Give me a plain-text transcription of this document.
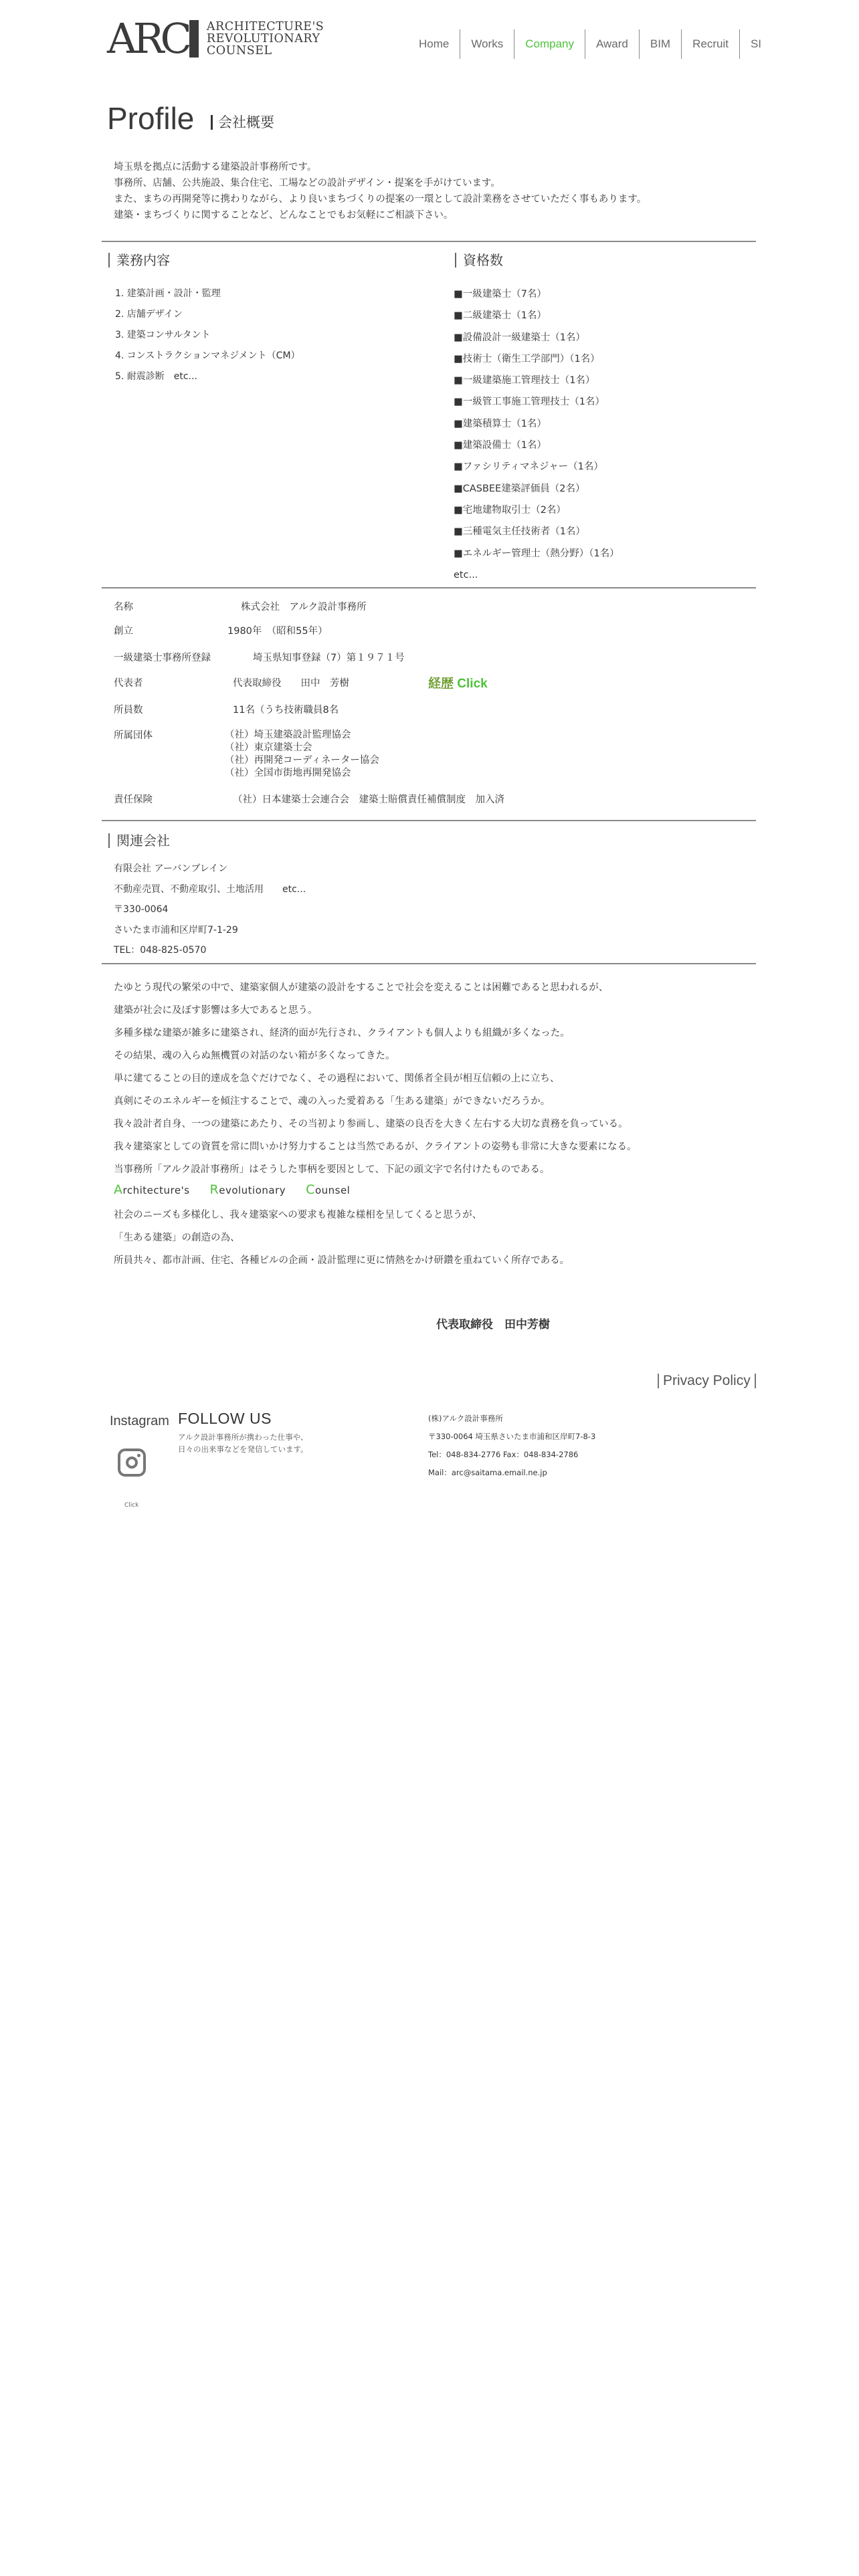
ARC ARCHITECTURE'S
REVOLUTIONARY
COUNSEL
Home	Works	Company	Award	BIM	Recruit	SI
Profile	会社概要
埼玉県を拠点に活動する建築設計事務所です。
事務所、店舗、公共施設、集合住宅、工場などの設計デザイン・提案を手がけています。
また、まちの再開発等に携わりながら、より良いまちづくりの提案の一環として設計業務をさせていただく事もあります。
建築・まちづくりに関することなど、どんなことでもお気軽にご相談下さい。
業務内容
1. 建築計画・設計・監理
2. 店舗デザイン
3. 建築コンサルタント
4. コンストラクションマネジメント（CM）
5. 耐震診断　etc...
資格数
■一級建築士（7名）
■二級建築士（1名）
■設備設計一級建築士（1名）
■技術士（衛生工学部門）（1名）
■一級建築施工管理技士（1名）
■一級管工事施工管理技士（1名）
■建築積算士（1名）
■建築設備士（1名）
■ファシリティマネジャー（1名）
■CASBEE建築評価員（2名）
■宅地建物取引士（2名）
■三種電気主任技術者（1名）
■エネルギー管理士（熱分野）（1名）
etc...
名称	株式会社　アルク設計事務所
創立	1980年　（昭和55年）
一級建築士事務所登録	埼玉県知事登録（7）第１９７１号
代表者	代表取締役　　田中　芳樹	経歴 Click
所員数	11名（うち技術職員8名
所属団体	（社）埼玉建築設計監理協会
（社）東京建築士会
（社）再開発コーディネーター協会
（社）全国市街地再開発協会
責任保険	（社）日本建築士会連合会　建築士賠償責任補償制度　加入済
関連会社
有限会社 アーバンブレイン
不動産売買、不動産取引、土地活用　　etc...
〒330-0064
さいたま市浦和区岸町7-1-29
TEL：048-825-0570
たゆとう現代の繁栄の中で、建築家個人が建築の設計をすることで社会を変えることは困難であると思われるが、
建築が社会に及ぼす影響は多大であると思う。
多種多様な建築が雑多に建築され、経済的面が先行され、クライアントも個人よりも組織が多くなった。
その結果、魂の入らぬ無機質の対話のない箱が多くなってきた。
単に建てることの目的達成を急ぐだけでなく、その過程において、関係者全員が相互信頼の上に立ち、
真剣にそのエネルギーを傾注することで、魂の入った愛着ある「生ある建築」ができないだろうか。
我々設計者自身、一つの建築にあたり、その当初より参画し、建築の良否を大きく左右する大切な責務を負っている。
我々建築家としての資質を常に問いかけ努力することは当然であるが、クライアントの姿勢も非常に大きな要素になる。
当事務所「アルク設計事務所」はそうした事柄を要因として、下記の頭文字で名付けたものである。
Architecture's Revolutionary Counsel
社会のニーズも多様化し、我々建築家への要求も複雑な様相を呈してくると思うが、
「生ある建築」の創造の為、
所員共々、都市計画、住宅、各種ビルの企画・設計監理に更に情熱をかけ研鑽を重ねていく所存である。
代表取締役　田中芳樹
Privacy Policy
Instagram
Click
FOLLOW US
アルク設計事務所が携わった仕事や、
日々の出来事などを発信しています。
(株)アルク設計事務所
〒330-0064 埼玉県さいたま市浦和区岸町7-8-3
Tel：048-834-2776 Fax：048-834-2786
Mail：arc@saitama.email.ne.jp
